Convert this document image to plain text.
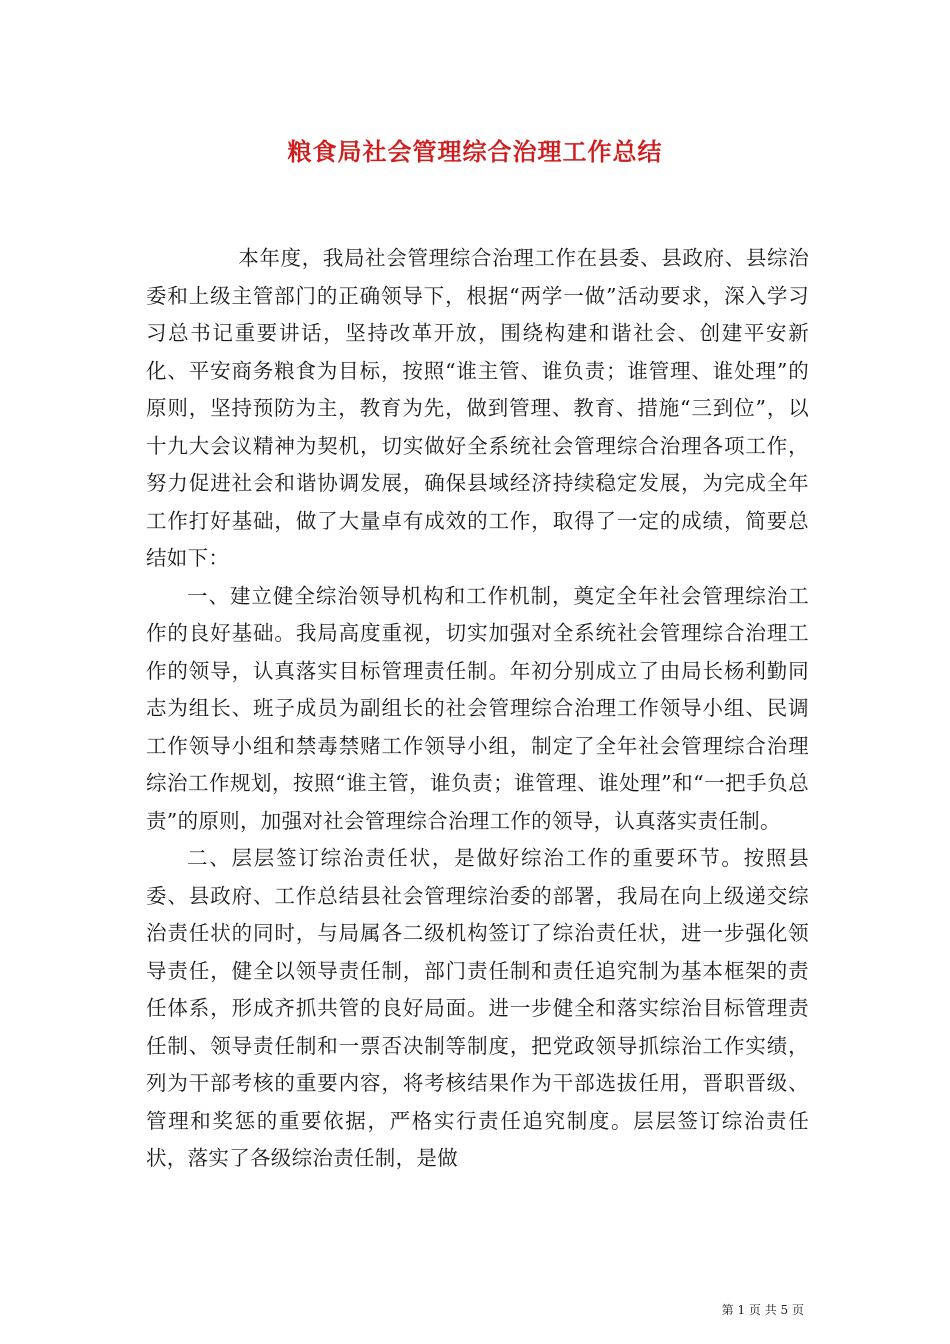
粮食局社会管理综合治理工作总结

本年度，我局社会管理综合治理工作在县委、县政府、县综治委和上级主管部门的正确领导下，根据“两学一做”活动要求，深入学习习总书记重要讲话，坚持改革开放，围绕构建和谐社会、创建平安新化、平安商务粮食为目标，按照“谁主管、谁负责；谁管理、谁处理”的原则，坚持预防为主，教育为先，做到管理、教育、措施“三到位”，以十九大会议精神为契机，切实做好全系统社会管理综合治理各项工作，努力促进社会和谐协调发展，确保县域经济持续稳定发展，为完成全年工作打好基础，做了大量卓有成效的工作，取得了一定的成绩，简要总结如下：

一、建立健全综治领导机构和工作机制，奠定全年社会管理综治工作的良好基础。我局高度重视，切实加强对全系统社会管理综合治理工作的领导，认真落实目标管理责任制。年初分别成立了由局长杨利勤同志为组长、班子成员为副组长的社会管理综合治理工作领导小组、民调工作领导小组和禁毒禁赌工作领导小组，制定了全年社会管理综合治理综治工作规划，按照“谁主管，谁负责；谁管理、谁处理”和“一把手负总责”的原则，加强对社会管理综合治理工作的领导，认真落实责任制。

二、层层签订综治责任状，是做好综治工作的重要环节。按照县委、县政府、工作总结县社会管理综治委的部署，我局在向上级递交综治责任状的同时，与局属各二级机构签订了综治责任状，进一步强化领导责任，健全以领导责任制，部门责任制和责任追究制为基本框架的责任体系，形成齐抓共管的良好局面。进一步健全和落实综治目标管理责任制、领导责任制和一票否决制等制度，把党政领导抓综治工作实绩，列为干部考核的重要内容，将考核结果作为干部选拔任用，晋职晋级、管理和奖惩的重要依据，严格实行责任追究制度。层层签订综治责任状，落实了各级综治责任制，是做

第 1 页 共 5 页
